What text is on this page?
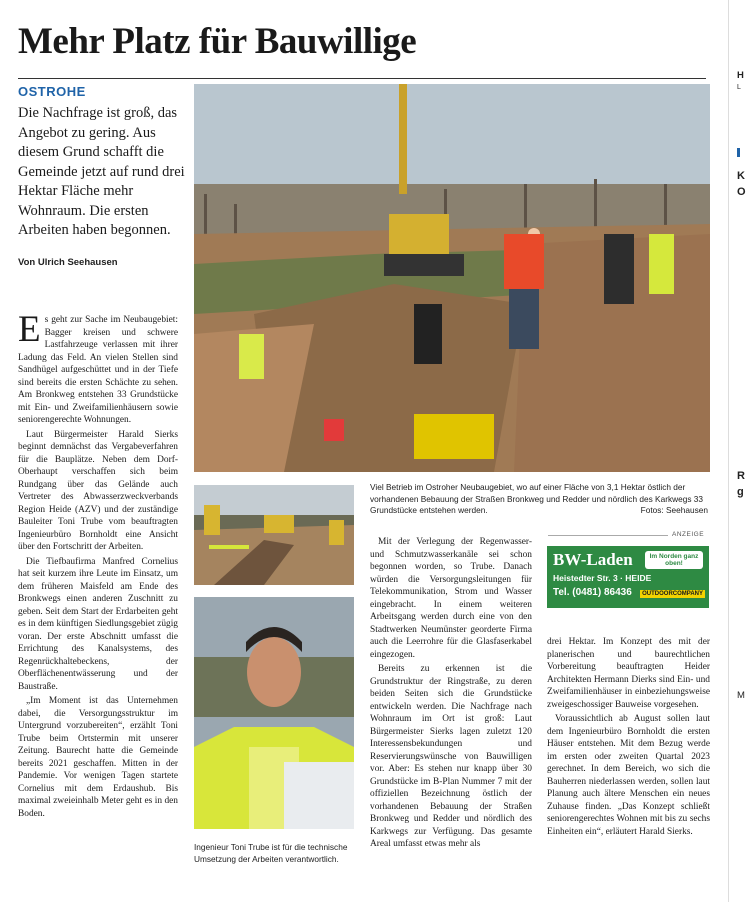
Mehr Platz für Bauwillige
OSTROHE
Die Nachfrage ist groß, das Angebot zu gering. Aus diesem Grund schafft die Gemeinde jetzt auf rund drei Hektar Fläche mehr Wohnraum. Die ersten Arbeiten haben begonnen.
Von Ulrich Seehausen
Viel Betrieb im Ostroher Neubaugebiet, wo auf einer Fläche von 3,1 Hektar östlich der vorhandenen Bebauung der Straßen Bronkweg und Redder und nördlich des Karkwegs 33 Grundstücke entstehen werden.	Fotos: Seehausen
Ingenieur Toni Trube ist für die technische Umsetzung der Arbeiten verantwortlich.

Es geht zur Sache im Neubaugebiet: Bagger kreisen und schwere Lastfahrzeuge verlassen mit ihrer Ladung das Feld. An vielen Stellen sind Sandhügel aufgeschüttet und in der Tiefe sind bereits die ersten Schächte zu sehen. Am Bronkweg entstehen 33 Grundstücke mit Ein- und Zweifamilienhäusern sowie seniorengerechte Wohnungen.

Laut Bürgermeister Harald Sierks beginnt demnächst das Vergabeverfahren für die Bauplätze. Neben dem Dorf-Oberhaupt verschaffen sich beim Rundgang über das Gelände auch Vertreter des Abwasserzweckverbands Region Heide (AZV) und der zuständige Bauleiter Toni Trube vom beauftragten Ingenieurbüro Bornholdt eine Ansicht über den Fortschritt der Arbeiten.

Die Tiefbaufirma Manfred Cornelius hat seit kurzem ihre Leute im Einsatz, um dem früheren Maisfeld am Ende des Bronkwegs einen anderen Zuschnitt zu geben. Seit dem Start der Erdarbeiten geht es in dem künftigen Siedlungsgebiet zügig voran. Der erste Abschnitt umfasst die Errichtung des Kanalsystems, des Regenrückhaltebeckens, der Oberflächenentwässerung und der Baustraße.

„Im Moment ist das Unternehmen dabei, die Versorgungsstruktur im Untergrund vorzubereiten“, erzählt Toni Trube beim Ortstermin mit unserer Zeitung. Baurecht hatte die Gemeinde bereits 2021 geschaffen. Mitten in der Pandemie. Vor wenigen Tagen startete Cornelius mit dem Erdaushub. Bis maximal zweieinhalb Meter geht es in den Boden.

Mit der Verlegung der Regenwasser- und Schmutzwasserkanäle sei schon begonnen worden, so Trube. Danach würden die Versorgungsleitungen für Telekommunikation, Strom und Wasser eingebracht. In einem weiteren Arbeitsgang werden durch eine von den Stadtwerken Neumünster georderte Firma auch die Leerrohre für die Glasfaserkabel eingezogen.

Bereits zu erkennen ist die Grundstruktur der Ringstraße, zu deren beiden Seiten sich die Grundstücke entwickeln werden. Die Nachfrage nach Wohnraum im Ort ist groß: Laut Bürgermeister Sierks lagen zuletzt 120 Interessensbekundungen und Reservierungswünsche von Bauwilligen vor. Aber: Es stehen nur knapp über 30 Grundstücke im B-Plan Nummer 7 mit der offiziellen Bezeichnung östlich der vorhandenen Bebauung der Straßen Bronkweg und Redder und nördlich des Karkwegs zur Verfügung. Das gesamte Areal umfasst etwas mehr als

ANZEIGE
BW-Laden	Im Norden ganz oben!
Heistedter Str. 3 · HEIDE
Tel. (0481) 86436	OUTDOORCOMPANY

drei Hektar. Im Konzept des mit der planerischen und baurechtlichen Vorbereitung beauftragten Heider Architekten Hermann Dierks sind Ein- und Zweifamilienhäuser in einbeziehungsweise zweigeschossiger Bauweise vorgesehen.

Voraussichtlich ab August sollen laut dem Ingenieurbüro Bornholdt die ersten Häuser entstehen. Mit dem Bezug werde im ersten oder zweiten Quartal 2023 gerechnet. In dem Bereich, wo sich die Bauherren niederlassen werden, sollen laut Planung auch ältere Menschen ein neues Zuhause finden. „Das Konzept schließt seniorengerechtes Wohnen mit bis zu sechs Einheiten ein“, erläutert Harald Sierks.

H
L
K
O
R
M
g
